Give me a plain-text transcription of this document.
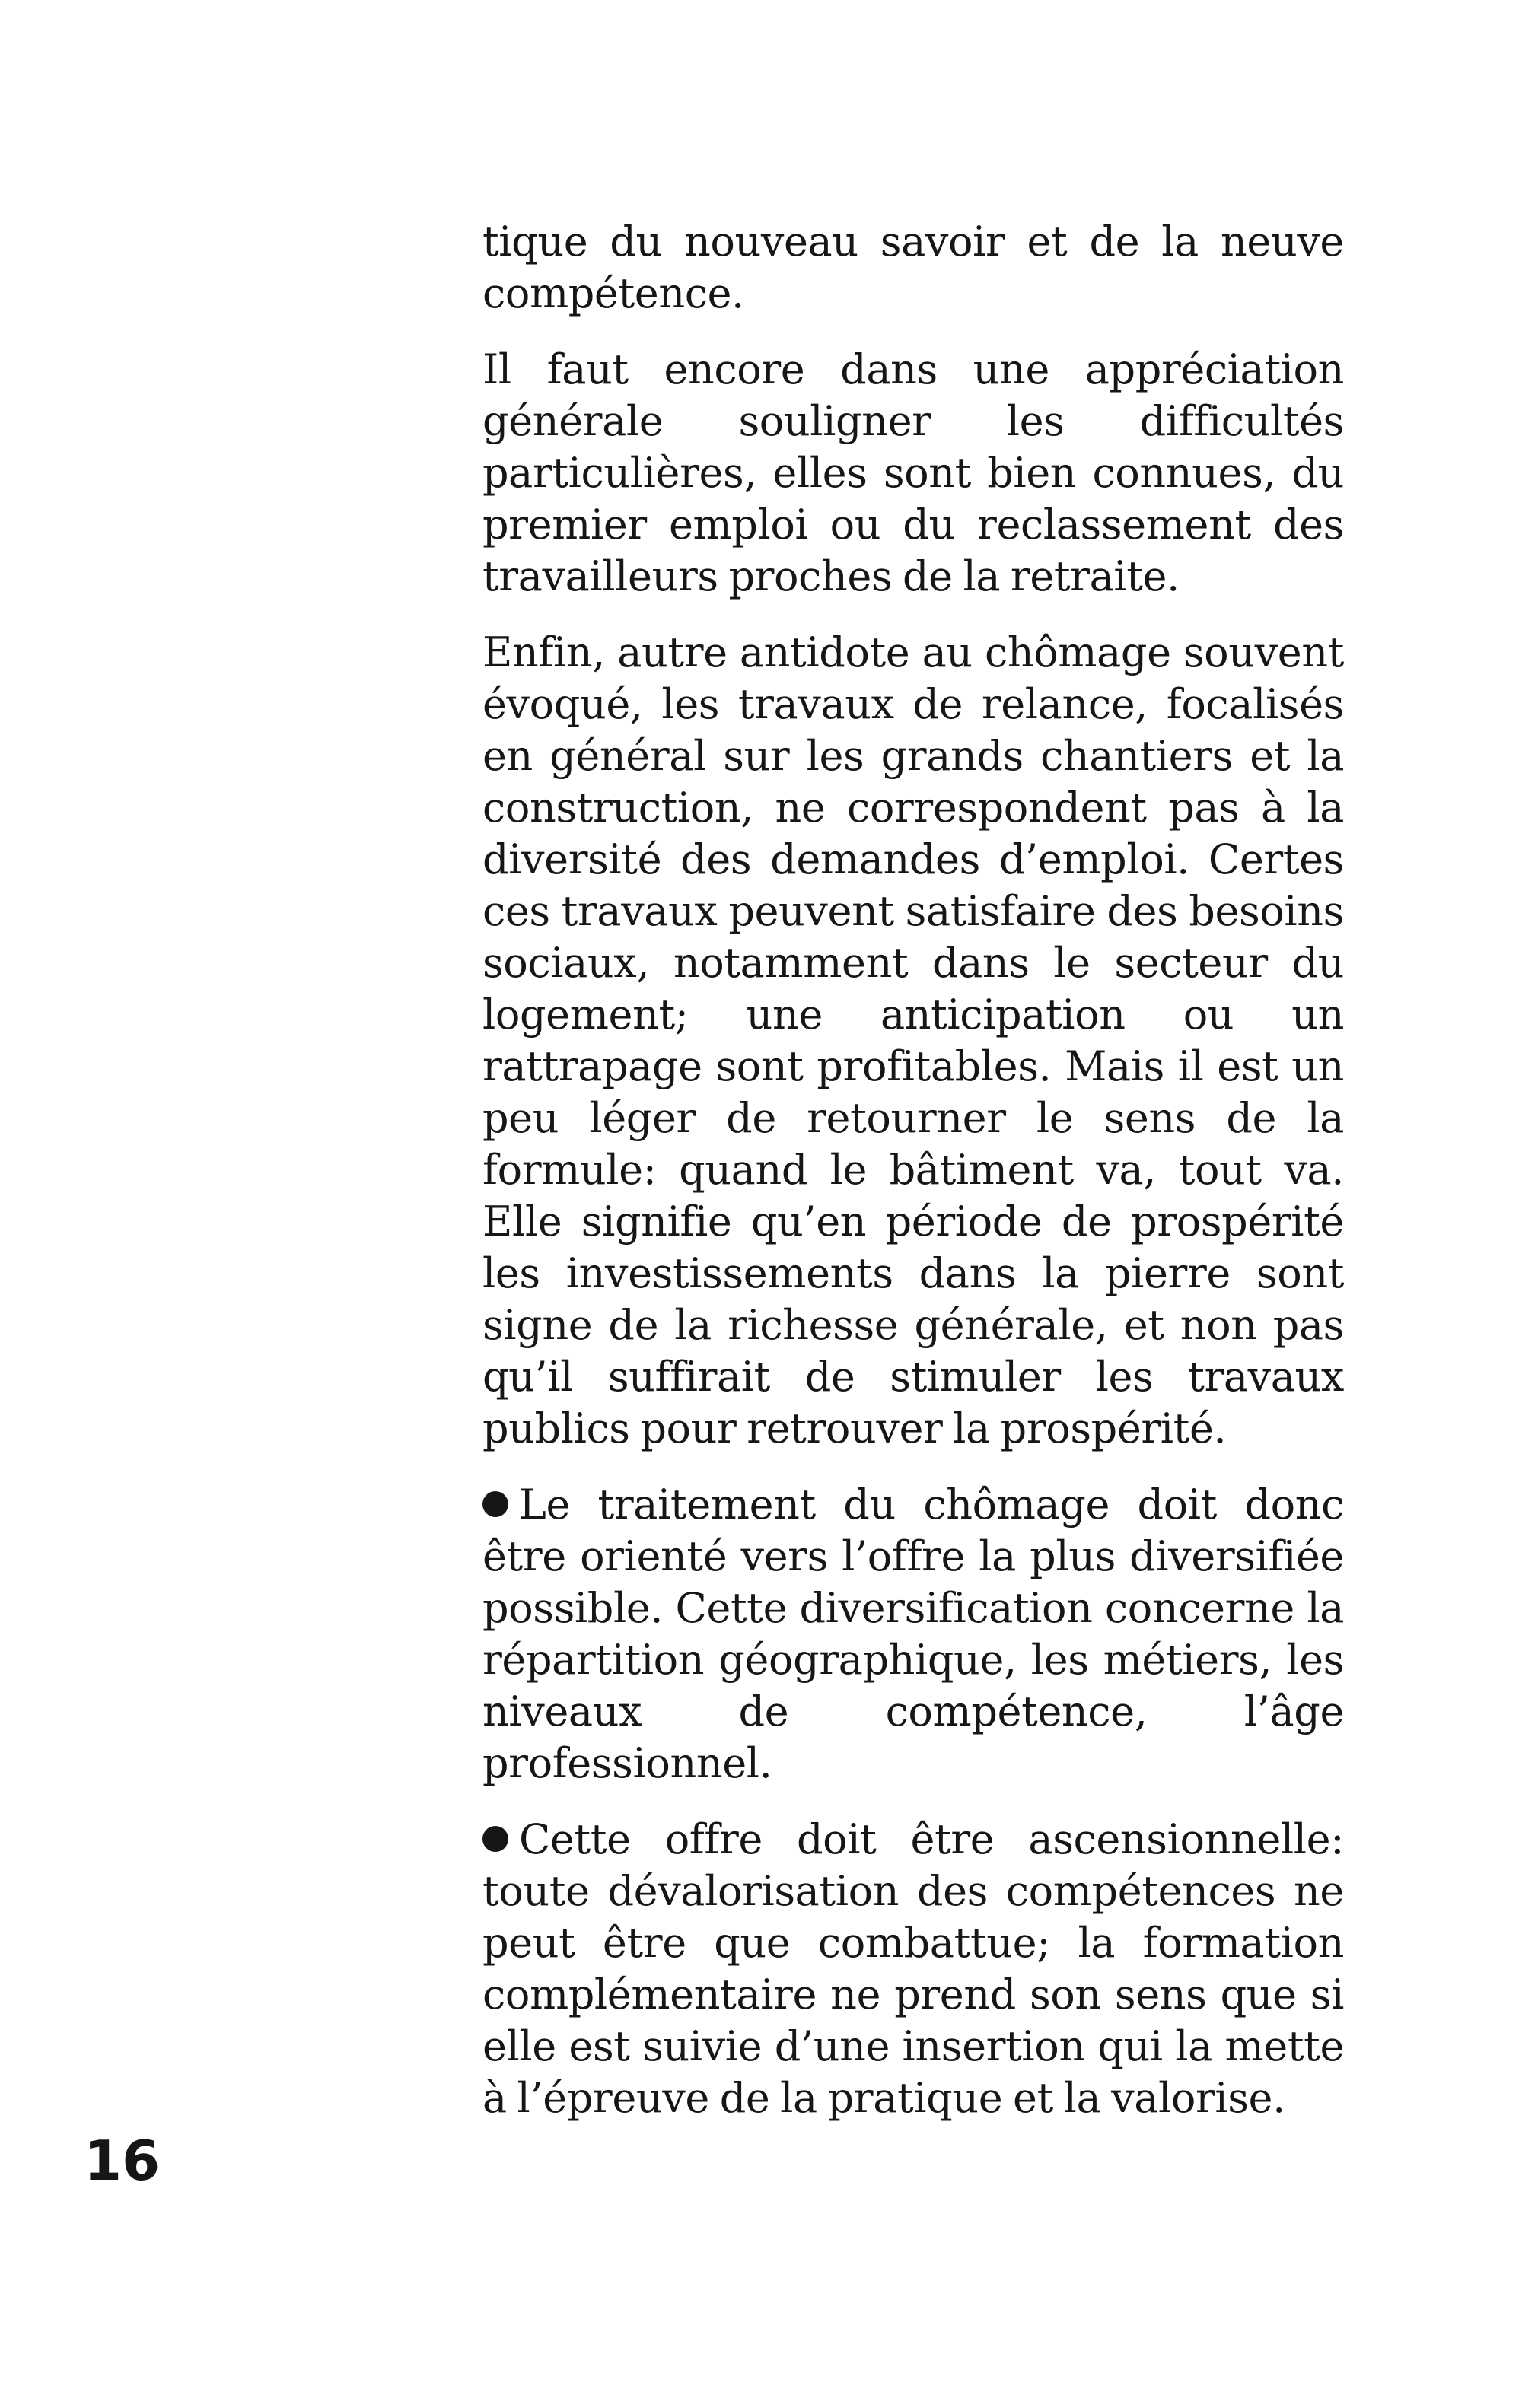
tique du nouveau savoir et de la neuve compétence.

Il faut encore dans une appréciation générale souligner les difficultés particulières, elles sont bien connues, du premier emploi ou du reclassement des travailleurs proches de la retraite.

Enfin, autre antidote au chômage souvent évoqué, les travaux de relance, focalisés en général sur les grands chantiers et la construction, ne correspondent pas à la diversité des demandes d’emploi. Certes ces travaux peuvent satisfaire des besoins sociaux, notamment dans le secteur du logement; une anticipation ou un rattrapage sont profitables. Mais il est un peu léger de retourner le sens de la formule: quand le bâtiment va, tout va. Elle signifie qu’en période de prospérité les investissements dans la pierre sont signe de la richesse générale, et non pas qu’il suffirait de stimuler les travaux publics pour retrouver la prospérité.

Le traitement du chômage doit donc être orienté vers l’offre la plus diversifiée possible. Cette diversification concerne la répartition géographique, les métiers, les niveaux de compétence, l’âge professionnel.

Cette offre doit être ascensionnelle: toute dévalorisation des compétences ne peut être que combattue; la formation complémentaire ne prend son sens que si elle est suivie d’une insertion qui la mette à l’épreuve de la pratique et la valorise.

16
